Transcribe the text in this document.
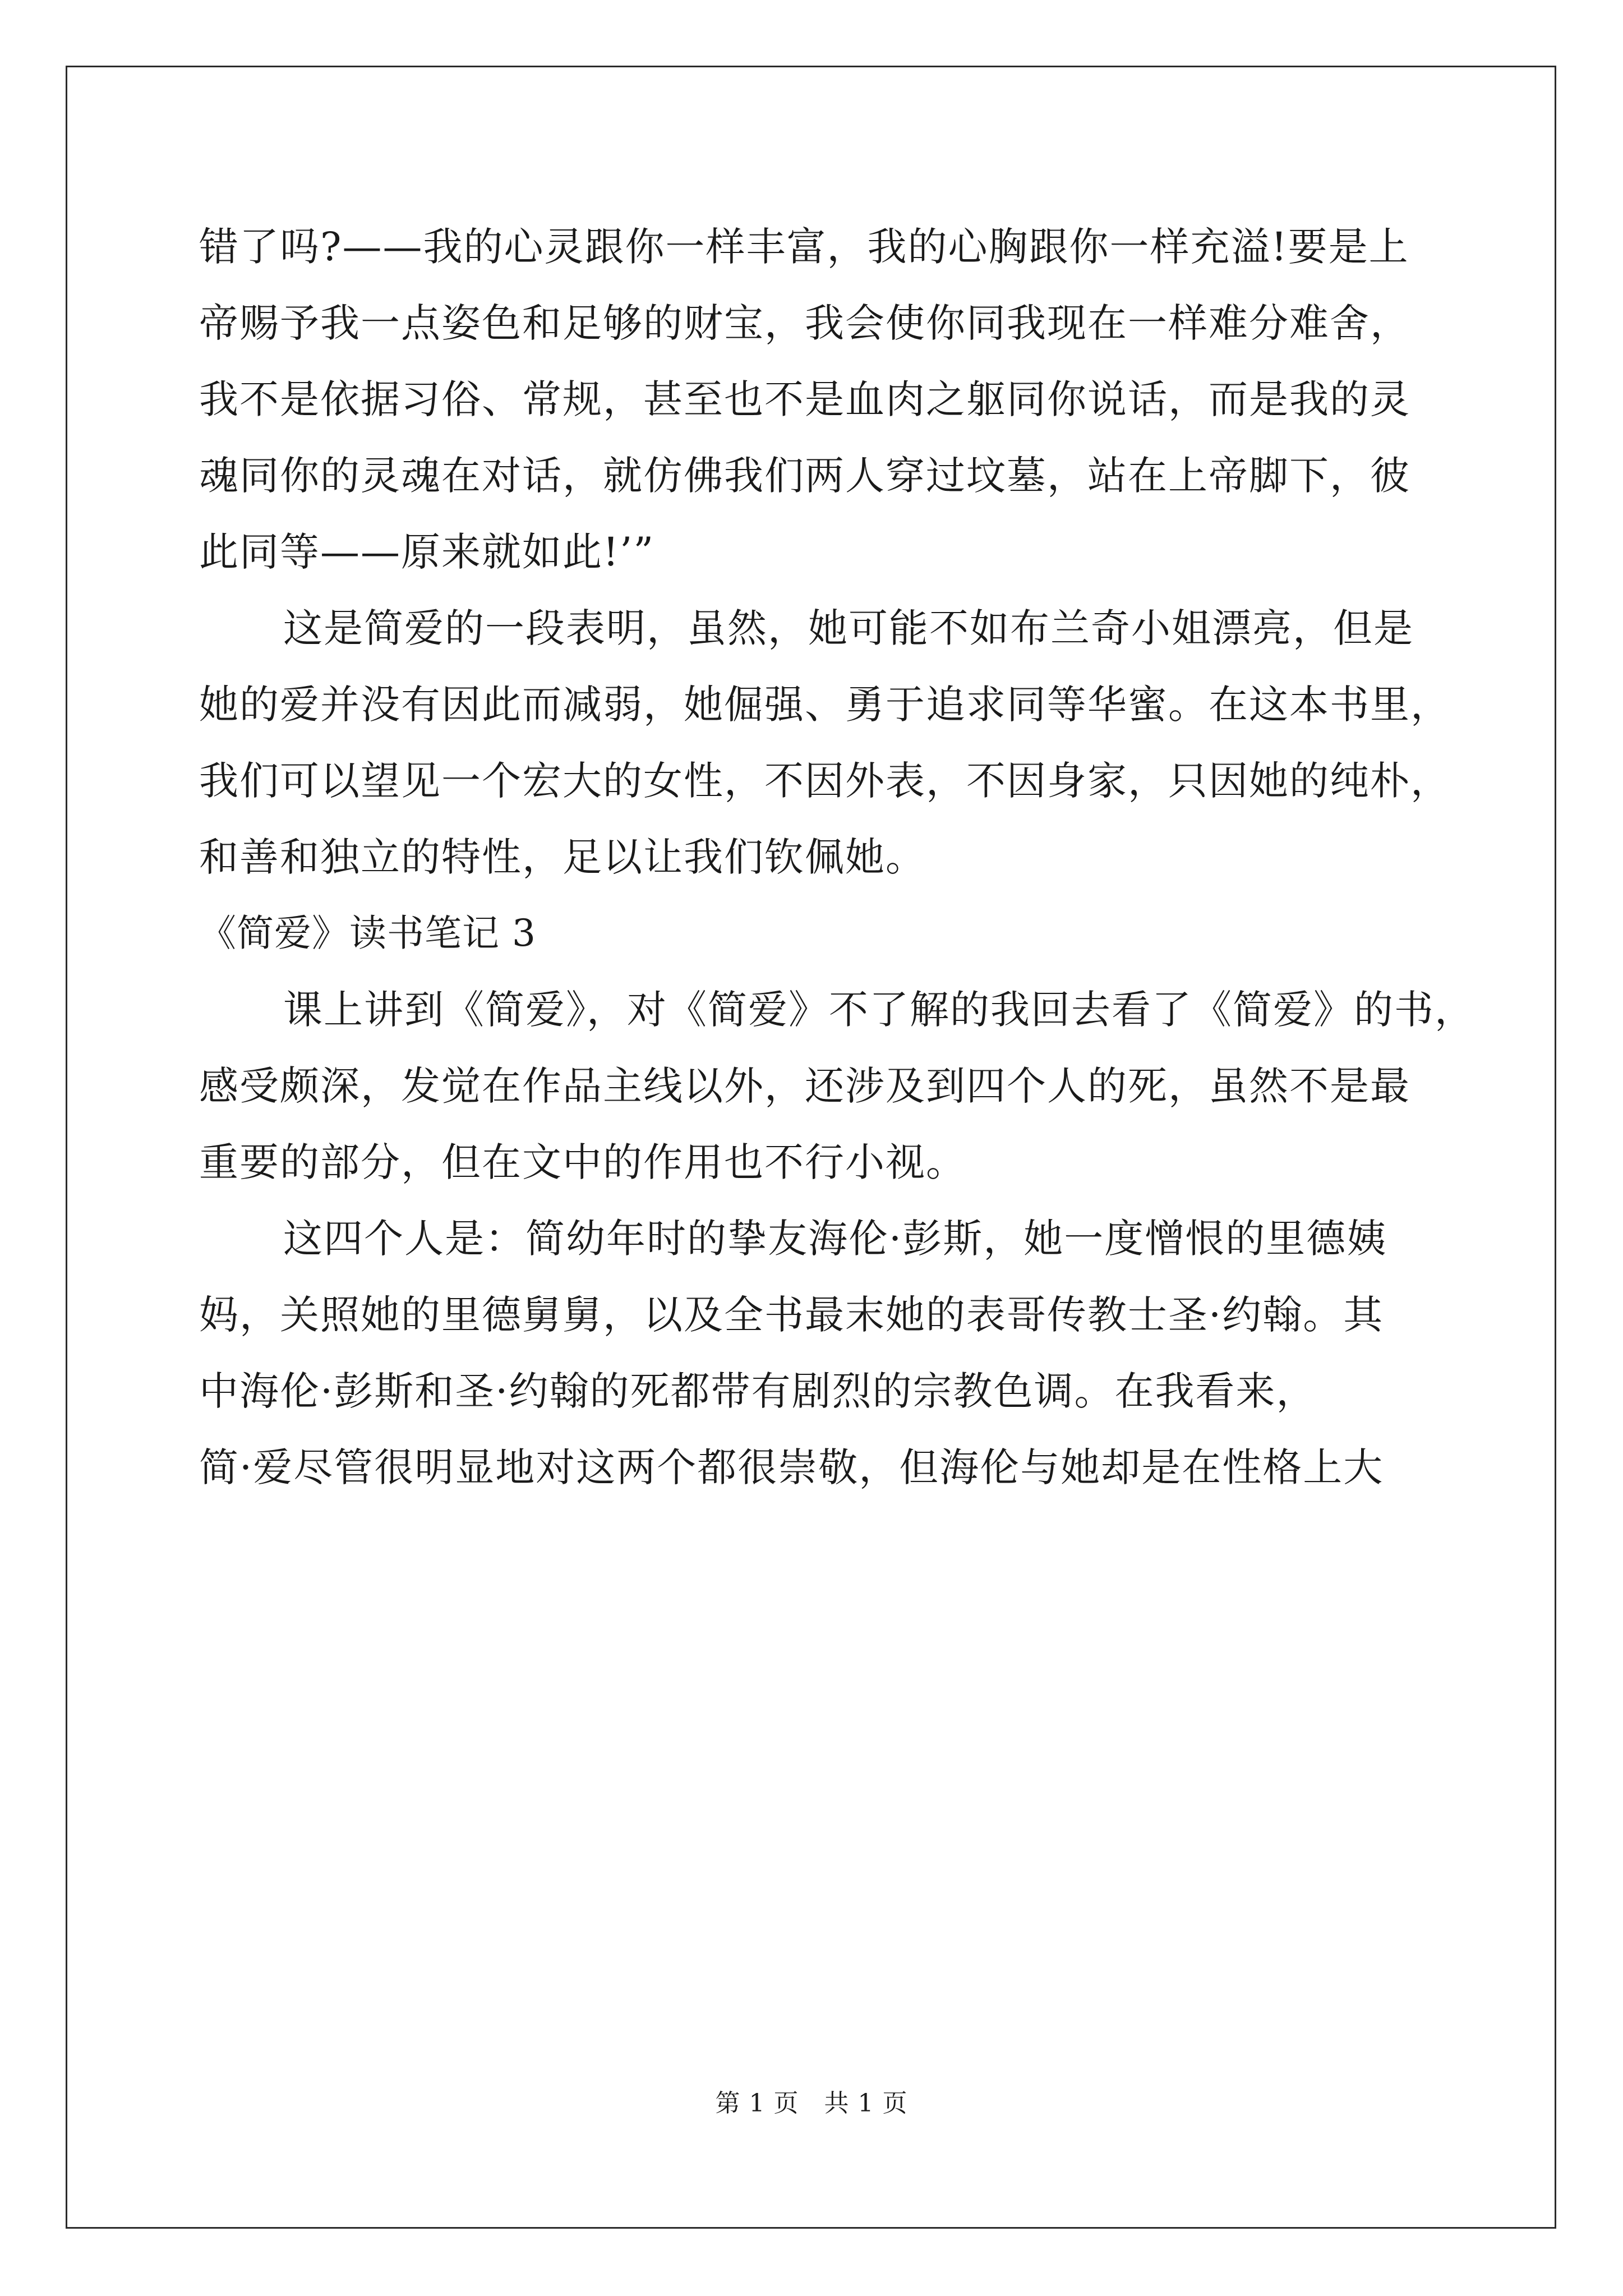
错了吗?——我的心灵跟你一样丰富，我的心胸跟你一样充溢!要是上
帝赐予我一点姿色和足够的财宝，我会使你同我现在一样难分难舍，
我不是依据习俗、常规，甚至也不是血肉之躯同你说话，而是我的灵
魂同你的灵魂在对话，就仿佛我们两人穿过坟墓，站在上帝脚下，彼
此同等——原来就如此!’”
这是简爱的一段表明，虽然，她可能不如布兰奇小姐漂亮，但是
她的爱并没有因此而减弱，她倔强、勇于追求同等华蜜。在这本书里，
我们可以望见一个宏大的女性，不因外表，不因身家，只因她的纯朴，
和善和独立的特性，足以让我们钦佩她。
《简爱》读书笔记 3
课上讲到《简爱》，对《简爱》不了解的我回去看了《简爱》的书，
感受颇深，发觉在作品主线以外，还涉及到四个人的死，虽然不是最
重要的部分，但在文中的作用也不行小视。
这四个人是：简幼年时的挚友海伦·彭斯，她一度憎恨的里德姨
妈，关照她的里德舅舅，以及全书最末她的表哥传教士圣·约翰。其
中海伦·彭斯和圣·约翰的死都带有剧烈的宗教色调。在我看来，
简·爱尽管很明显地对这两个都很崇敬，但海伦与她却是在性格上大
第 1 页　共 1 页
